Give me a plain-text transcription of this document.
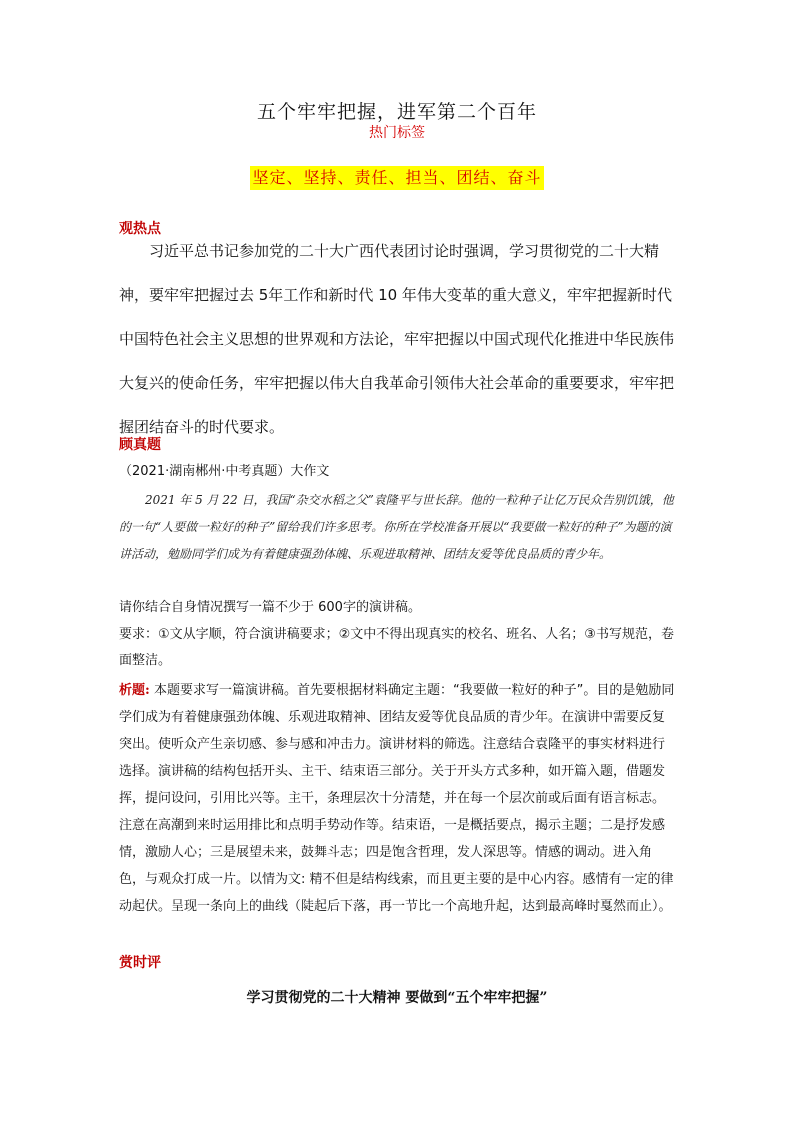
五个牢牢把握，进军第二个百年
热门标签
坚定、坚持、责任、担当、团结、奋斗
观热点

习近平总书记参加党的二十大广西代表团讨论时强调，学习贯彻党的二十大精神，要牢牢把握过去 5年工作和新时代 10 年伟大变革的重大意义，牢牢把握新时代中国特色社会主义思想的世界观和方法论，牢牢把握以中国式现代化推进中华民族伟大复兴的使命任务，牢牢把握以伟大自我革命引领伟大社会革命的重要要求，牢牢把握团结奋斗的时代要求。

顾真题

（2021·湖南郴州·中考真题）大作文

2021 年 5 月 22 日，我国“杂交水稻之父”袁隆平与世长辞。他的一粒种子让亿万民众告别饥饿，他的一句“人要做一粒好的种子”留给我们许多思考。你所在学校准备开展以“我要做一粒好的种子”为题的演讲活动，勉励同学们成为有着健康强劲体魄、乐观进取精神、团结友爱等优良品质的青少年。

请你结合自身情况撰写一篇不少于 600字的演讲稿。

要求：①文从字顺，符合演讲稿要求；②文中不得出现真实的校名、班名、人名；③书写规范，卷面整洁。

析题: 本题要求写一篇演讲稿。首先要根据材料确定主题：“我要做一粒好的种子”。目的是勉励同学们成为有着健康强劲体魄、乐观进取精神、团结友爱等优良品质的青少年。在演讲中需要反复突出。使听众产生亲切感、参与感和冲击力。演讲材料的筛选。注意结合袁隆平的事实材料进行选择。演讲稿的结构包括开头、主干、结束语三部分。关于开头方式多种，如开篇入题，借题发挥，提问设问，引用比兴等。主干，条理层次十分清楚，并在每一个层次前或后面有语言标志。注意在高潮到来时运用排比和点明手势动作等。结束语，一是概括要点，揭示主题；二是抒发感情，激励人心；三是展望未来，鼓舞斗志；四是饱含哲理，发人深思等。情感的调动。进入角色，与观众打成一片。以情为文: 精不但是结构线索，而且更主要的是中心内容。感情有一定的律动起伏。呈现一条向上的曲线（陡起后下落，再一节比一个高地升起，达到最高峰时戛然而止）。

赏时评
学习贯彻党的二十大精神 要做到“五个牢牢把握”
